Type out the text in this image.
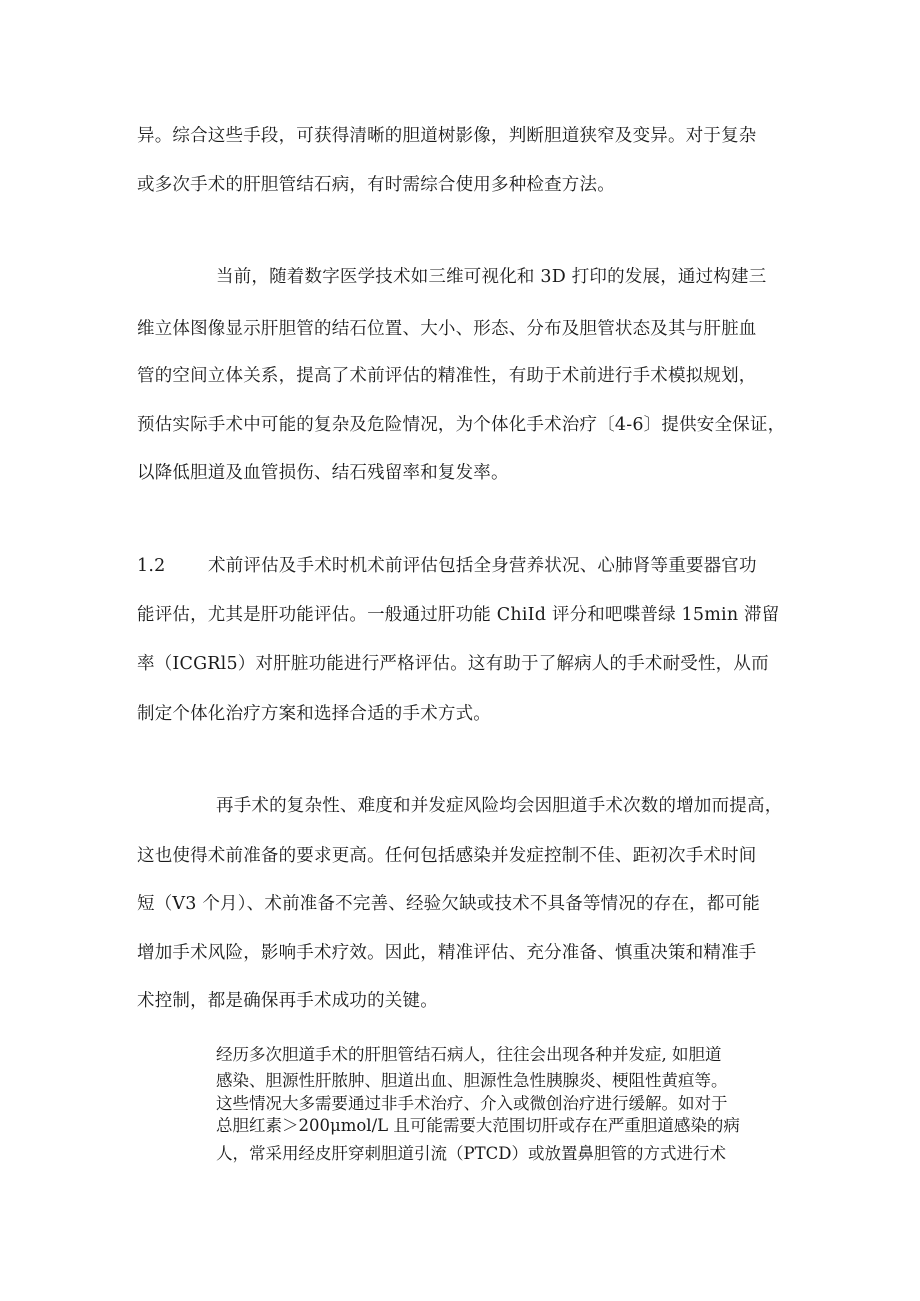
异。综合这些手段，可获得清晰的胆道树影像，判断胆道狭窄及变异。对于复杂
或多次手术的肝胆管结石病，有时需综合使用多种检查方法。
当前，随着数字医学技术如三维可视化和 3D 打印的发展，通过构建三
维立体图像显示肝胆管的结石位置、大小、形态、分布及胆管状态及其与肝脏血
管的空间立体关系，提高了术前评估的精准性，有助于术前进行手术模拟规划，
预估实际手术中可能的复杂及危险情况，为个体化手术治疗〔4-6〕提供安全保证，
以降低胆道及血管损伤、结石残留率和复发率。
1.2 术前评估及手术时机术前评估包括全身营养状况、心肺肾等重要器官功
能评估，尤其是肝功能评估。一般通过肝功能 ChiId 评分和吧喋普绿 15min 滞留
率（ICGRl5）对肝脏功能进行严格评估。这有助于了解病人的手术耐受性，从而
制定个体化治疗方案和选择合适的手术方式。
再手术的复杂性、难度和并发症风险均会因胆道手术次数的增加而提高，
这也使得术前准备的要求更高。任何包括感染并发症控制不佳、距初次手术时间
短（V3 个月）、术前准备不完善、经验欠缺或技术不具备等情况的存在，都可能
增加手术风险，影响手术疗效。因此，精准评估、充分准备、慎重决策和精准手
术控制，都是确保再手术成功的关键。
经历多次胆道手术的肝胆管结石病人，往往会出现各种并发症, 如胆道
感染、胆源性肝脓肿、胆道出血、胆源性急性胰腺炎、梗阻性黄疸等。
这些情况大多需要通过非手术治疗、介入或微创治疗进行缓解。如对于
总胆红素＞200μmol/L 且可能需要大范围切肝或存在严重胆道感染的病
人，常采用经皮肝穿刺胆道引流（PTCD）或放置鼻胆管的方式进行术
